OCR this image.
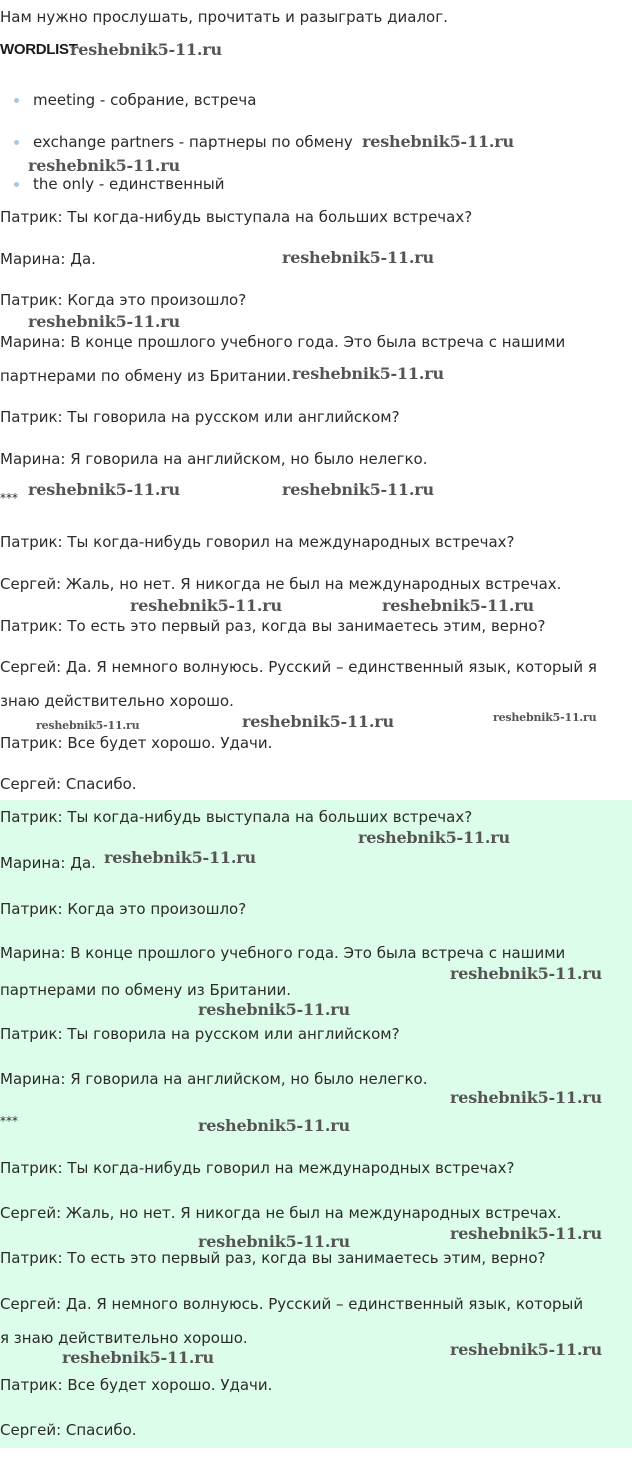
Нам нужно прослушать, прочитать и разыграть диалог.
WORDLIST
meeting - собрание, встреча
exchange partners - партнеры по обмену
the only - единственный
Патрик: Ты когда-нибудь выступала на больших встречах?
Марина: Да.
Патрик: Когда это произошло?
Марина: В конце прошлого учебного года. Это была встреча с нашими
партнерами по обмену из Британии.
Патрик: Ты говорила на русском или английском?
Марина: Я говорила на английском, но было нелегко.
***
Патрик: Ты когда-нибудь говорил на международных встречах?
Сергей: Жаль, но нет. Я никогда не был на международных встречах.
Патрик: То есть это первый раз, когда вы занимаетесь этим, верно?
Сергей: Да. Я немного волнуюсь. Русский – единственный язык, который я
знаю действительно хорошо.
Патрик: Все будет хорошо. Удачи.
Сергей: Спасибо.
Патрик: Ты когда-нибудь выступала на больших встречах?
Марина: Да.
Патрик: Когда это произошло?
Марина: В конце прошлого учебного года. Это была встреча с нашими
партнерами по обмену из Британии.
Патрик: Ты говорила на русском или английском?
Марина: Я говорила на английском, но было нелегко.
***
Патрик: Ты когда-нибудь говорил на международных встречах?
Сергей: Жаль, но нет. Я никогда не был на международных встречах.
Патрик: То есть это первый раз, когда вы занимаетесь этим, верно?
Сергей: Да. Я немного волнуюсь. Русский – единственный язык, который
я знаю действительно хорошо.
Патрик: Все будет хорошо. Удачи.
Сергей: Спасибо.
reshebnik5-11.ru
reshebnik5-11.ru
reshebnik5-11.ru
reshebnik5-11.ru
reshebnik5-11.ru
reshebnik5-11.ru
reshebnik5-11.ru	reshebnik5-11.ru
reshebnik5-11.ru	reshebnik5-11.ru
reshebnik5-11.ru	reshebnik5-11.ru	reshebnik5-11.ru
reshebnik5-11.ru
reshebnik5-11.ru
reshebnik5-11.ru
reshebnik5-11.ru
reshebnik5-11.ru
reshebnik5-11.ru
reshebnik5-11.ru
reshebnik5-11.ru
reshebnik5-11.ru
reshebnik5-11.ru
